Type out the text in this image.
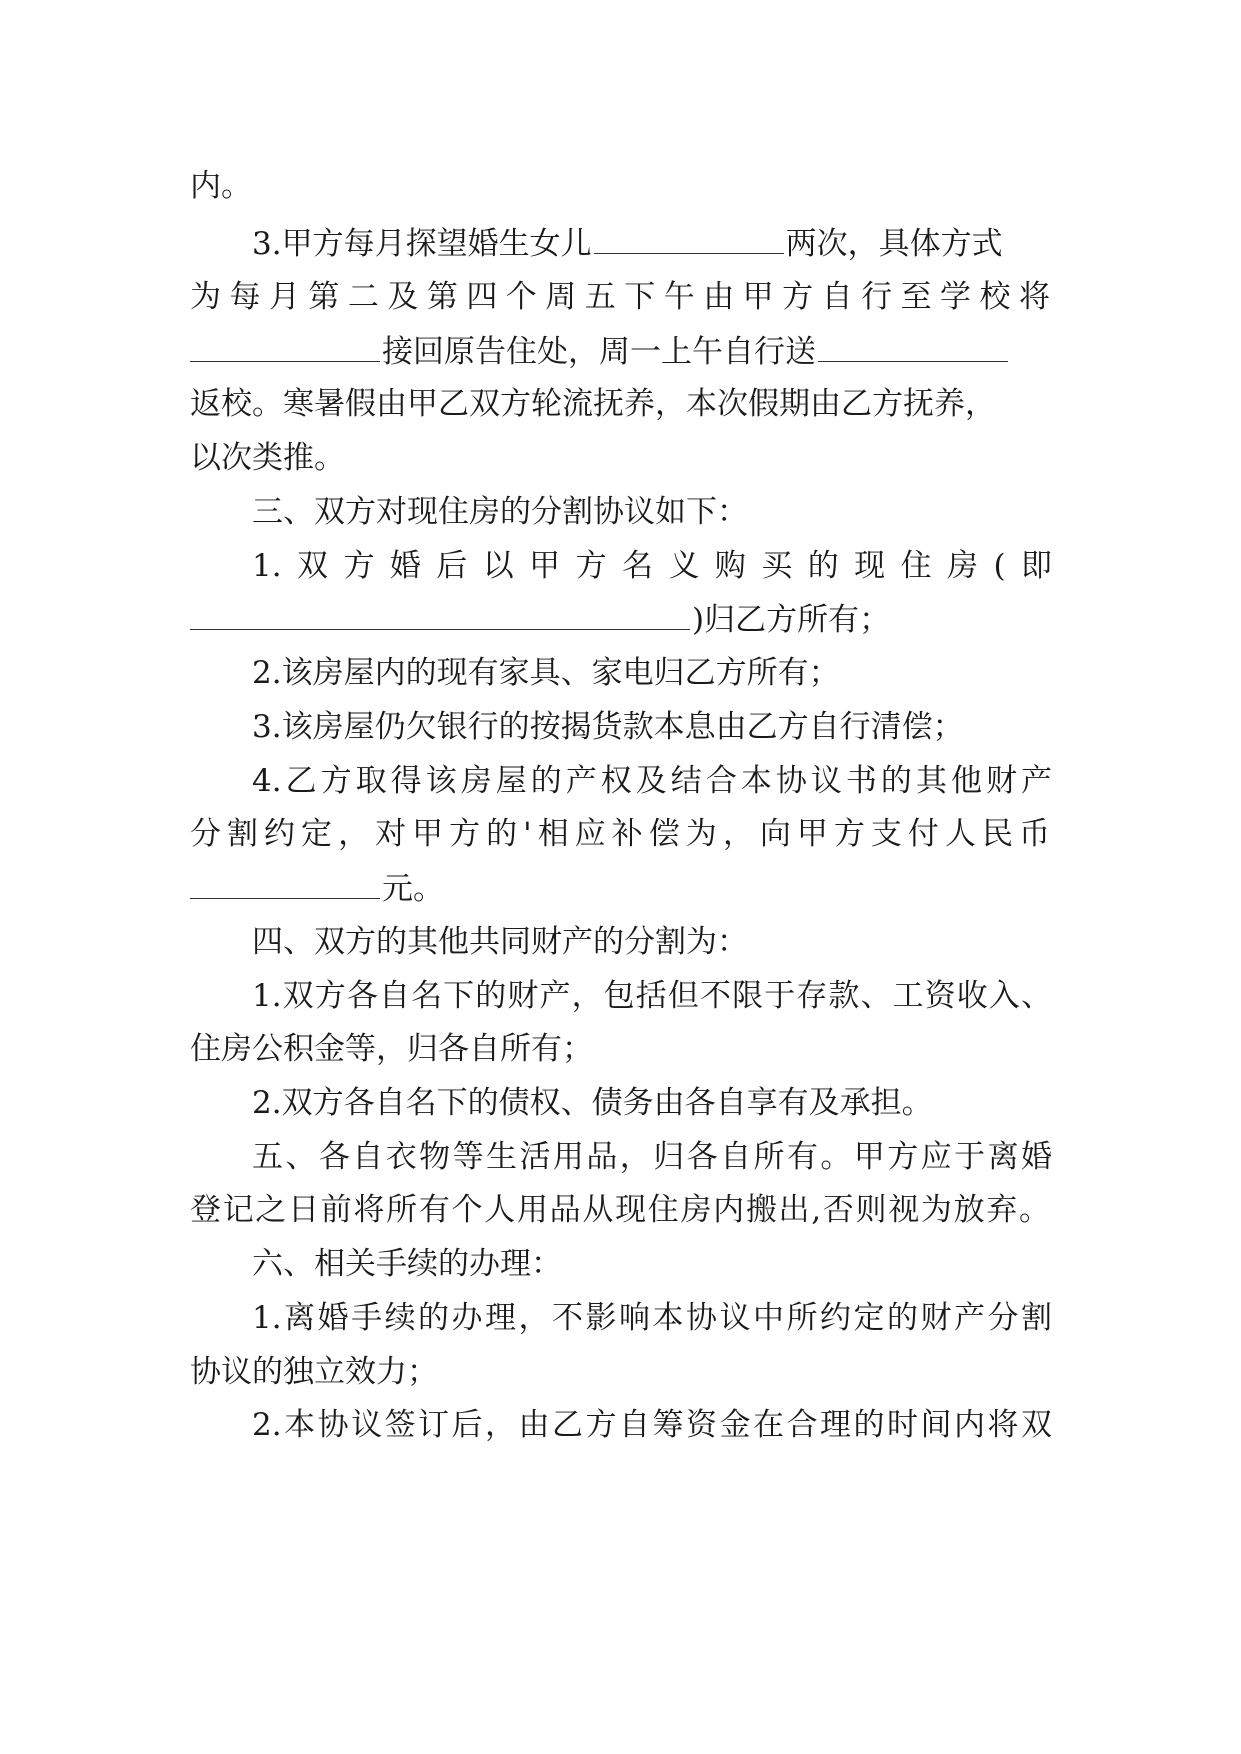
内。
3.甲方每月探望婚生女儿	两次，具体方式
为每月第二及第四个周五下午由甲方自行至学校将
接回原告住处，周一上午自行送
返校。寒暑假由甲乙双方轮流抚养，本次假期由乙方抚养，
以次类推。
三、双方对现住房的分割协议如下：
1.双方婚后以甲方名义购买的现住房(即
)归乙方所有；
2.该房屋内的现有家具、家电归乙方所有；
3.该房屋仍欠银行的按揭货款本息由乙方自行清偿；
4.乙方取得该房屋的产权及结合本协议书的其他财产
分割约定，对甲方的'相应补偿为，向甲方支付人民币
元。
四、双方的其他共同财产的分割为：
1.双方各自名下的财产，包括但不限于存款、工资收入、
住房公积金等，归各自所有；
2.双方各自名下的债权、债务由各自享有及承担。
五、各自衣物等生活用品，归各自所有。甲方应于离婚
登记之日前将所有个人用品从现住房内搬出,否则视为放弃。
六、相关手续的办理：
1.离婚手续的办理，不影响本协议中所约定的财产分割
协议的独立效力；
2.本协议签订后，由乙方自筹资金在合理的时间内将双
